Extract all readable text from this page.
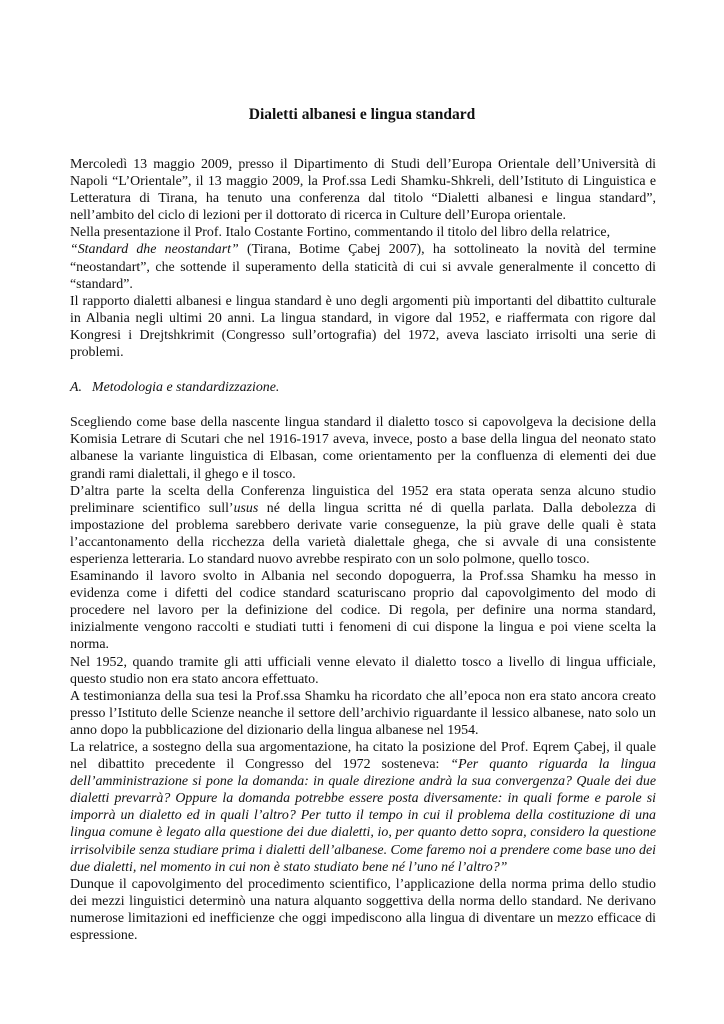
Dialetti albanesi e lingua standard

Mercoledì 13 maggio 2009, presso il Dipartimento di Studi dell’Europa Orientale dell’Università di Napoli “L’Orientale”, il 13 maggio 2009, la Prof.ssa Ledi Shamku-Shkreli, dell’Istituto di Linguistica e Letteratura di Tirana, ha tenuto una conferenza dal titolo “Dialetti albanesi e lingua standard”, nell’ambito del ciclo di lezioni per il dottorato di ricerca in Culture dell’Europa orientale.

Nella presentazione il Prof. Italo Costante Fortino, commentando il titolo del libro della relatrice,
“Standard dhe neostandart” (Tirana, Botime Çabej 2007), ha sottolineato la novità del termine “neostandart”, che sottende il superamento della staticità di cui si avvale generalmente il concetto di “standard”.

Il rapporto dialetti albanesi e lingua standard è uno degli argomenti più importanti del dibattito culturale in Albania negli ultimi 20 anni. La lingua standard, in vigore dal 1952, e riaffermata con rigore dal Kongresi i Drejtshkrimit (Congresso sull’ortografia) del 1972, aveva lasciato irrisolti una serie di problemi.

A. Metodologia e standardizzazione.

Scegliendo come base della nascente lingua standard il dialetto tosco si capovolgeva la decisione della Komisia Letrare di Scutari che nel 1916-1917 aveva, invece, posto a base della lingua del neonato stato albanese la variante linguistica di Elbasan, come orientamento per la confluenza di elementi dei due grandi rami dialettali, il ghego e il tosco.

D’altra parte la scelta della Conferenza linguistica del 1952 era stata operata senza alcuno studio preliminare scientifico sull’usus né della lingua scritta né di quella parlata. Dalla debolezza di impostazione del problema sarebbero derivate varie conseguenze, la più grave delle quali è stata l’accantonamento della ricchezza della varietà dialettale ghega, che si avvale di una consistente esperienza letteraria. Lo standard nuovo avrebbe respirato con un solo polmone, quello tosco.

Esaminando il lavoro svolto in Albania nel secondo dopoguerra, la Prof.ssa Shamku ha messo in evidenza come i difetti del codice standard scaturiscano proprio dal capovolgimento del modo di procedere nel lavoro per la definizione del codice. Di regola, per definire una norma standard, inizialmente vengono raccolti e studiati tutti i fenomeni di cui dispone la lingua e poi viene scelta la norma.

Nel 1952, quando tramite gli atti ufficiali venne elevato il dialetto tosco a livello di lingua ufficiale, questo studio non era stato ancora effettuato.

A testimonianza della sua tesi la Prof.ssa Shamku ha ricordato che all’epoca non era stato ancora creato presso l’Istituto delle Scienze neanche il settore dell’archivio riguardante il lessico albanese, nato solo un anno dopo la pubblicazione del dizionario della lingua albanese nel 1954.

La relatrice, a sostegno della sua argomentazione, ha citato la posizione del Prof. Eqrem Çabej, il quale nel dibattito precedente il Congresso del 1972 sosteneva: “Per quanto riguarda la lingua dell’amministrazione si pone la domanda: in quale direzione andrà la sua convergenza? Quale dei due dialetti prevarrà? Oppure la domanda potrebbe essere posta diversamente: in quali forme e parole si imporrà un dialetto ed in quali l’altro? Per tutto il tempo in cui il problema della costituzione di una lingua comune è legato alla questione dei due dialetti, io, per quanto detto sopra, considero la questione irrisolvibile senza studiare prima i dialetti dell’albanese. Come faremo noi a prendere come base uno dei due dialetti, nel momento in cui non è stato studiato bene né l’uno né l’altro?”

Dunque il capovolgimento del procedimento scientifico, l’applicazione della norma prima dello studio dei mezzi linguistici determinò una natura alquanto soggettiva della norma dello standard. Ne derivano numerose limitazioni ed inefficienze che oggi impediscono alla lingua di diventare un mezzo efficace di espressione.
